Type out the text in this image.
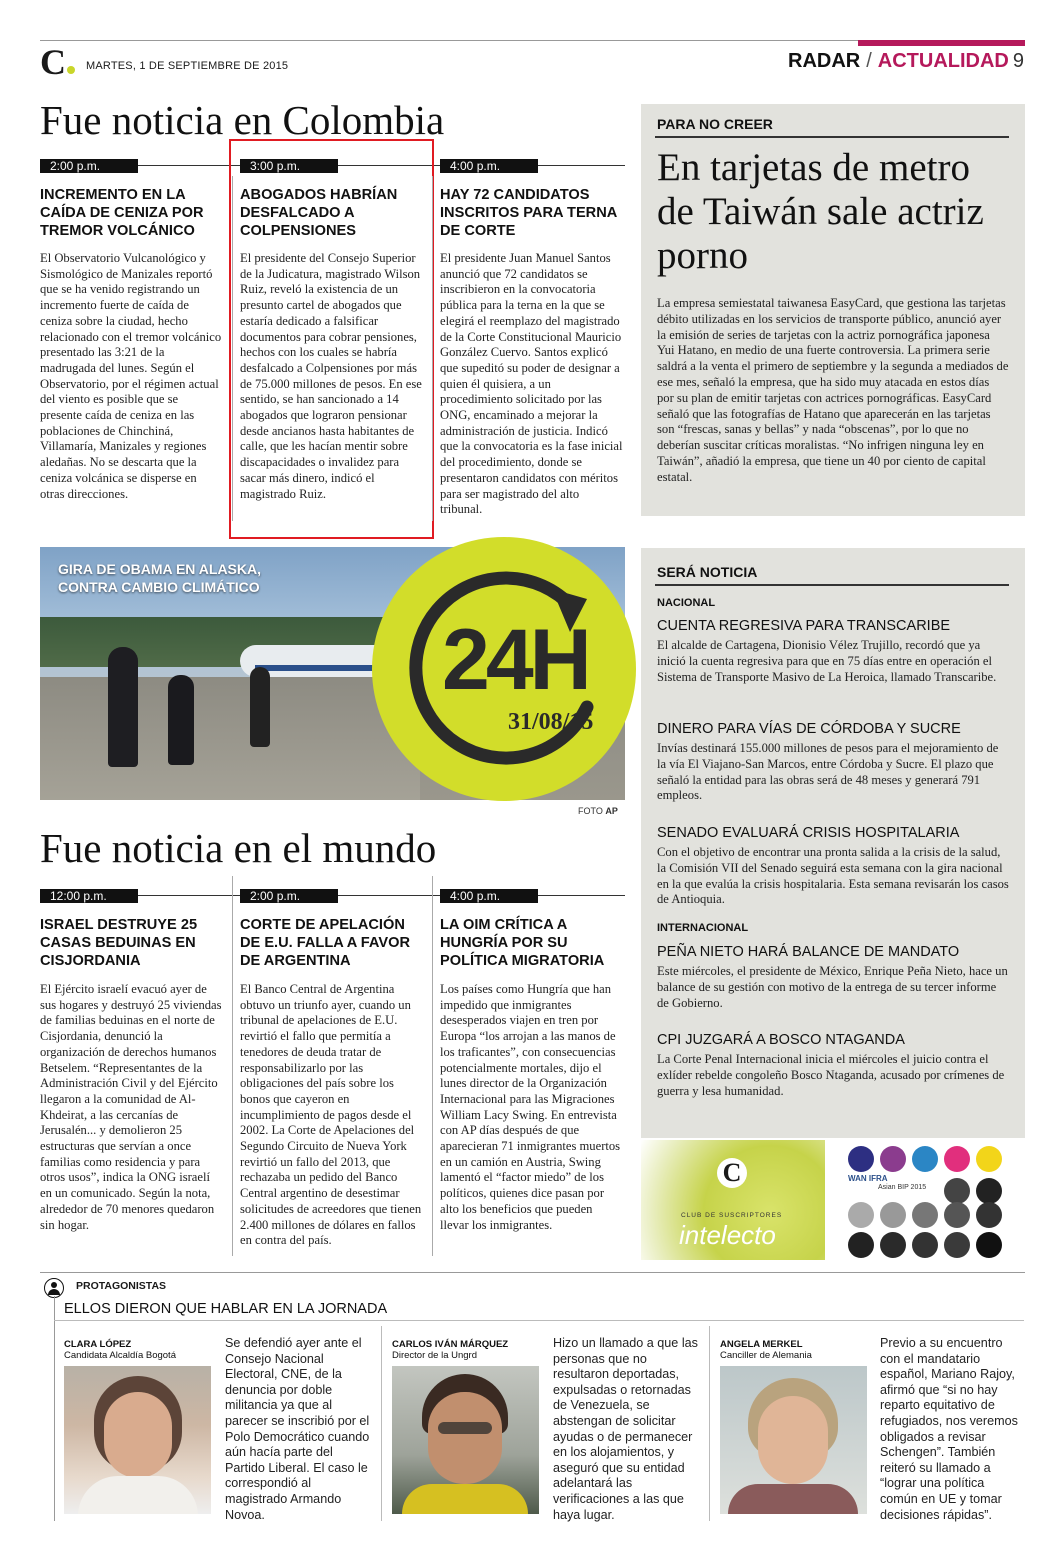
C	MARTES, 1 DE SEPTIEMBRE DE 2015	RADAR / ACTUALIDAD 9
Fue noticia en Colombia
2:00 p.m.
INCREMENTO EN LA CAÍDA DE CENIZA POR TREMOR VOLCÁNICO
El Observatorio Vulcanológico y Sismológico de Manizales reportó que se ha venido registrando un incremento fuerte de caída de ceniza sobre la ciudad, hecho relacionado con el tremor volcánico presentado las 3:21 de la madrugada del lunes. Según el Observatorio, por el régimen actual del viento es posible que se presente caída de ceniza en las poblaciones de Chinchiná, Villamaría, Manizales y regiones aledañas. No se descarta que la ceniza volcánica se disperse en otras direcciones.
3:00 p.m.
ABOGADOS HABRÍAN DESFALCADO A COLPENSIONES
El presidente del Consejo Superior de la Judicatura, magistrado Wilson Ruiz, reveló la existencia de un presunto cartel de abogados que estaría dedicado a falsificar documentos para cobrar pensiones, hechos con los cuales se habría desfalcado a Colpensiones por más de 75.000 millones de pesos. En ese sentido, se han sancionado a 14 abogados que lograron pensionar desde ancianos hasta habitantes de calle, que les hacían mentir sobre discapacidades o invalidez para sacar más dinero, indicó el magistrado Ruiz.
4:00 p.m.
HAY 72 CANDIDATOS INSCRITOS PARA TERNA DE CORTE
El presidente Juan Manuel Santos anunció que 72 candidatos se inscribieron en la convocatoria pública para la terna en la que se elegirá el reemplazo del magistrado de la Corte Constitucional Mauricio González Cuervo. Santos explicó que supeditó su poder de designar a quien él quisiera, a un procedimiento solicitado por las ONG, encaminado a mejorar la administración de justicia. Indicó que la convocatoria es la fase inicial del procedimiento, donde se presentaron candidatos con méritos para ser magistrado del alto tribunal.
PARA NO CREER
En tarjetas de metro de Taiwán sale actriz porno
La empresa semiestatal taiwanesa EasyCard, que gestiona las tarjetas débito utilizadas en los servicios de transporte público, anunció ayer la emisión de series de tarjetas con la actriz pornográfica japonesa Yui Hatano, en medio de una fuerte controversia. La primera serie saldrá a la venta el primero de septiembre y la segunda a mediados de ese mes, señaló la empresa, que ha sido muy atacada en estos días por su plan de emitir tarjetas con actrices pornográficas. EasyCard señaló que las fotografías de Hatano que aparecerán en las tarjetas son “frescas, sanas y bellas” y nada “obscenas”, por lo que no deberían suscitar críticas moralistas. “No infrigen ninguna ley en Taiwán”, añadió la empresa, que tiene un 40 por ciento de capital estatal.
GIRA DE OBAMA EN ALASKA,
CONTRA CAMBIO CLIMÁTICO
24H
31/08/15
FOTO AP
SERÁ NOTICIA
NACIONAL
CUENTA REGRESIVA PARA TRANSCARIBE
El alcalde de Cartagena, Dionisio Vélez Trujillo, recordó que ya inició la cuenta regresiva para que en 75 días entre en operación el Sistema de Transporte Masivo de La Heroica, llamado Transcaribe.
DINERO PARA VÍAS DE CÓRDOBA Y SUCRE
Invías destinará 155.000 millones de pesos para el mejoramiento de la vía El Viajano-San Marcos, entre Córdoba y Sucre. El plazo que señaló la entidad para las obras será de 48 meses y generará 791 empleos.
SENADO EVALUARÁ CRISIS HOSPITALARIA
Con el objetivo de encontrar una pronta salida a la crisis de la salud, la Comisión VII del Senado seguirá esta semana con la gira nacional en la que evalúa la crisis hospitalaria. Esta semana revisarán los casos de Antioquia.
INTERNACIONAL
PEÑA NIETO HARÁ BALANCE DE MANDATO
Este miércoles, el presidente de México, Enrique Peña Nieto, hace un balance de su gestión con motivo de la entrega de su tercer informe de Gobierno.
CPI JUZGARÁ A BOSCO NTAGANDA
La Corte Penal Internacional inicia el miércoles el juicio contra el exlíder rebelde congoleño Bosco Ntaganda, acusado por crímenes de guerra y lesa humanidad.
Fue noticia en el mundo
12:00 p.m.
ISRAEL DESTRUYE 25 CASAS BEDUINAS EN CISJORDANIA
El Ejército israelí evacuó ayer de sus hogares y destruyó 25 viviendas de familias beduinas en el norte de Cisjordania, denunció la organización de derechos humanos Betselem. “Representantes de la Administración Civil y del Ejército llegaron a la comunidad de Al-Khdeirat, a las cercanías de Jerusalén... y demolieron 25 estructuras que servían a once familias como residencia y para otros usos”, indica la ONG israelí en un comunicado. Según la nota, alrededor de 70 menores quedaron sin hogar.
2:00 p.m.
CORTE DE APELACIÓN DE E.U. FALLA A FAVOR DE ARGENTINA
El Banco Central de Argentina obtuvo un triunfo ayer, cuando un tribunal de apelaciones de E.U. revirtió el fallo que permitía a tenedores de deuda tratar de responsabilizarlo por las obligaciones del país sobre los bonos que cayeron en incumplimiento de pagos desde el 2002. La Corte de Apelaciones del Segundo Circuito de Nueva York revirtió un fallo del 2013, que rechazaba un pedido del Banco Central argentino de desestimar solicitudes de acreedores que tienen 2.400 millones de dólares en fallos en contra del país.
4:00 p.m.
LA OIM CRÍTICA A HUNGRÍA POR SU POLÍTICA MIGRATORIA
Los países como Hungría que han impedido que inmigrantes desesperados viajen en tren por Europa “los arrojan a las manos de los traficantes”, con consecuencias potencialmente mortales, dijo el lunes director de la Organización Internacional para las Migraciones William Lacy Swing. En entrevista con AP días después de que aparecieran 71 inmigrantes muertos en un camión en Austria, Swing lamentó el “factor miedo” de los políticos, quienes dice pasan por alto los beneficios que pueden llevar los inmigrantes.
C
CLUB DE SUSCRIPTORES
intelecto
WAN IFRA
Asian BIP 2015
PROTAGONISTAS
ELLOS DIERON QUE HABLAR EN LA JORNADA
CLARA LÓPEZ
Candidata Alcaldía Bogotá
Se defendió ayer ante el Consejo Nacional Electoral, CNE, de la denuncia por doble militancia ya que al parecer se inscribió por el Polo Democrático cuando aún hacía parte del Partido Liberal. El caso le correspondió al magistrado Armando Novoa.
CARLOS IVÁN MÁRQUEZ
Director de la Ungrd
Hizo un llamado a que las personas que no resultaron deportadas, expulsadas o retornadas de Venezuela, se abstengan de solicitar ayudas o de permanecer en los alojamientos, y aseguró que su entidad adelantará las verificaciones a las que haya lugar.
ANGELA MERKEL
Canciller de Alemania
Previo a su encuentro con el mandatario español, Mariano Rajoy, afirmó que “si no hay reparto equitativo de refugiados, nos veremos obligados a revisar Schengen”. También reiteró su llamado a “lograr una política común en UE y tomar decisiones rápidas”.
